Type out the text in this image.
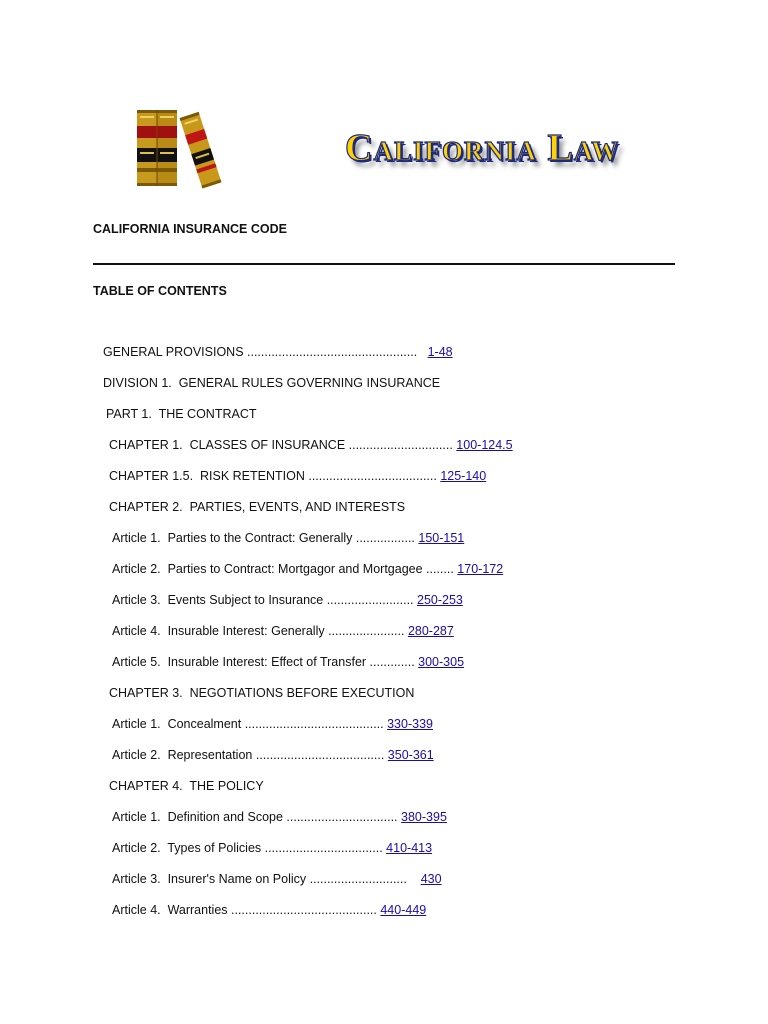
California Law
CALIFORNIA INSURANCE CODE
TABLE OF CONTENTS
GENERAL PROVISIONS .................................................   1-48
DIVISION 1.  GENERAL RULES GOVERNING INSURANCE
PART 1.  THE CONTRACT
CHAPTER 1.  CLASSES OF INSURANCE .............................. 100-124.5
CHAPTER 1.5.  RISK RETENTION ..................................... 125-140
CHAPTER 2.  PARTIES, EVENTS, AND INTERESTS
Article 1.  Parties to the Contract: Generally ................. 150-151
Article 2.  Parties to Contract: Mortgagor and Mortgagee ........ 170-172
Article 3.  Events Subject to Insurance ......................... 250-253
Article 4.  Insurable Interest: Generally ...................... 280-287
Article 5.  Insurable Interest: Effect of Transfer ............. 300-305
CHAPTER 3.  NEGOTIATIONS BEFORE EXECUTION
Article 1.  Concealment ........................................ 330-339
Article 2.  Representation ..................................... 350-361
CHAPTER 4.  THE POLICY
Article 1.  Definition and Scope ................................ 380-395
Article 2.  Types of Policies .................................. 410-413
Article 3.  Insurer's Name on Policy ............................    430
Article 4.  Warranties .......................................... 440-449
